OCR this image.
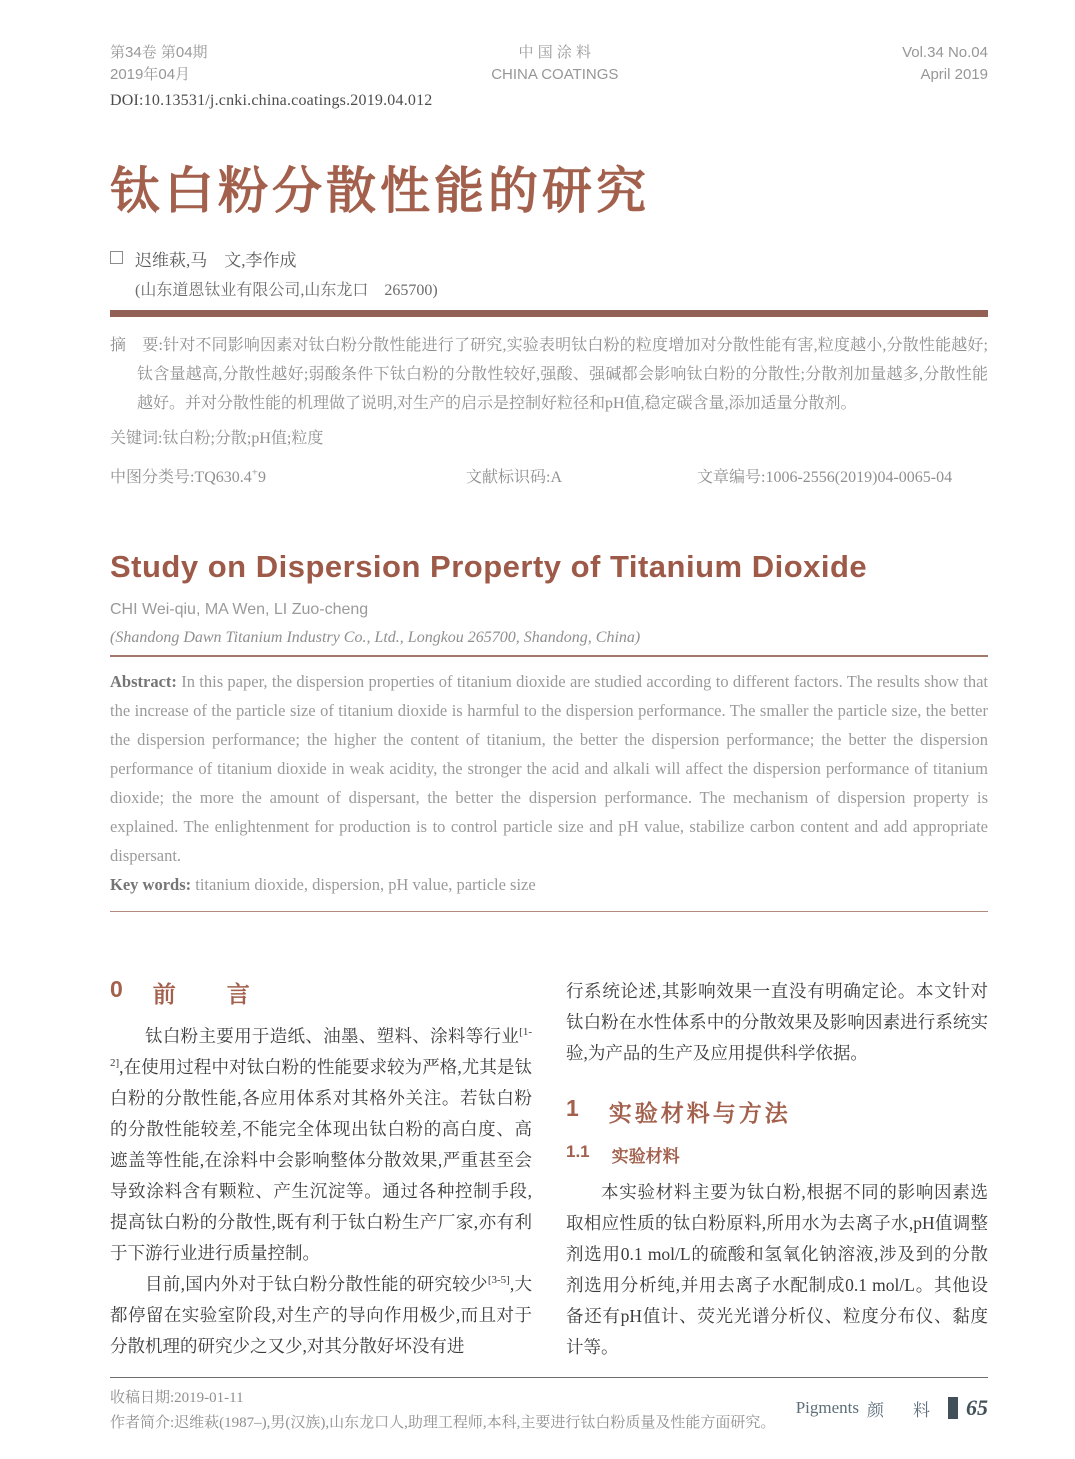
第34卷 第04期
2019年04月
中 国 涂 料
CHINA COATINGS
Vol.34 No.04
April 2019
DOI:10.13531/j.cnki.china.coatings.2019.04.012
钛白粉分散性能的研究
迟维萩,马　文,李作成
(山东道恩钛业有限公司,山东龙口　265700)

摘　要:针对不同影响因素对钛白粉分散性能进行了研究,实验表明钛白粉的粒度增加对分散性能有害,粒度越小,分散性能越好;钛含量越高,分散性越好;弱酸条件下钛白粉的分散性较好,强酸、强碱都会影响钛白粉的分散性;分散剂加量越多,分散性能越好。并对分散性能的机理做了说明,对生产的启示是控制好粒径和pH值,稳定碳含量,添加适量分散剂。

关键词:钛白粉;分散;pH值;粒度

中图分类号:TQ630.4+9	文献标识码:A	文章编号:1006-2556(2019)04-0065-04
Study on Dispersion Property of Titanium Dioxide
CHI Wei-qiu, MA Wen, LI Zuo-cheng
(Shandong Dawn Titanium Industry Co., Ltd., Longkou 265700, Shandong, China)

Abstract: In this paper, the dispersion properties of titanium dioxide are studied according to different factors. The results show that the increase of the particle size of titanium dioxide is harmful to the dispersion performance. The smaller the particle size, the better the dispersion performance; the higher the content of titanium, the better the dispersion performance; the better the dispersion performance of titanium dioxide in weak acidity, the stronger the acid and alkali will affect the dispersion performance of titanium dioxide; the more the amount of dispersant, the better the dispersion performance. The mechanism of dispersion property is explained. The enlightenment for production is to control particle size and pH value, stabilize carbon content and add appropriate dispersant.

Key words: titanium dioxide, dispersion, pH value, particle size

0 前　言

钛白粉主要用于造纸、油墨、塑料、涂料等行业[1-2],在使用过程中对钛白粉的性能要求较为严格,尤其是钛白粉的分散性能,各应用体系对其格外关注。若钛白粉的分散性能较差,不能完全体现出钛白粉的高白度、高遮盖等性能,在涂料中会影响整体分散效果,严重甚至会导致涂料含有颗粒、产生沉淀等。通过各种控制手段,提高钛白粉的分散性,既有利于钛白粉生产厂家,亦有利于下游行业进行质量控制。

目前,国内外对于钛白粉分散性能的研究较少[3-5],大都停留在实验室阶段,对生产的导向作用极少,而且对于分散机理的研究少之又少,对其分散好坏没有进

行系统论述,其影响效果一直没有明确定论。本文针对钛白粉在水性体系中的分散效果及影响因素进行系统实验,为产品的生产及应用提供科学依据。

1 实验材料与方法
1.1 实验材料

本实验材料主要为钛白粉,根据不同的影响因素选取相应性质的钛白粉原料,所用水为去离子水,pH值调整剂选用0.1 mol/L的硫酸和氢氧化钠溶液,涉及到的分散剂选用分析纯,并用去离子水配制成0.1 mol/L。其他设备还有pH值计、荧光光谱分析仪、粒度分布仪、黏度计等。

收稿日期:2019-01-11
作者简介:迟维萩(1987–),男(汉族),山东龙口人,助理工程师,本科,主要进行钛白粉质量及性能方面研究。
Pigments 颜　料 65
